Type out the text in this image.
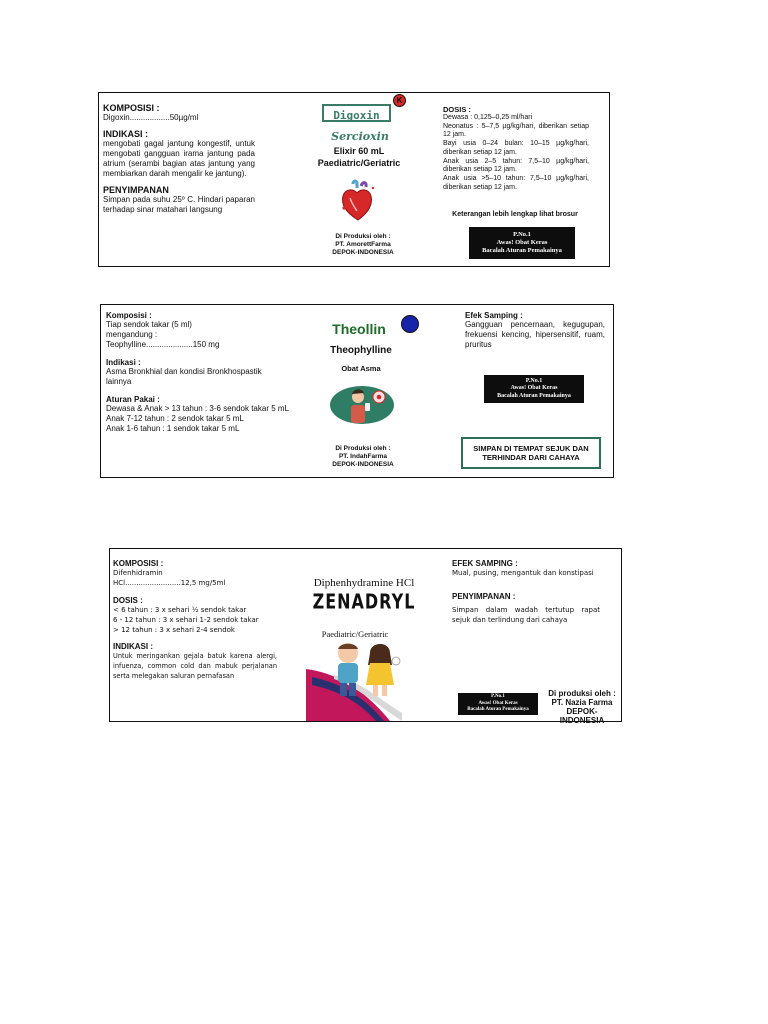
KOMPOSISI :

Digoxin..................50µg/ml

INDIKASI :

mengobati gagal jantung kongestif, untuk mengobati gangguan irama jantung pada atrium (serambi bagian atas jantung yang membiarkan darah mengalir ke jantung).

PENYIMPANAN

Simpan pada suhu 25º C. Hindari paparan terhadap sinar matahari langsung

Digoxin
K
Sercioxin
Elixir 60 mL
Paediatric/Geriatric

Di Produksi oleh :

PT. AmorettFarma

DEPOK-INDONESIA

DOSIS :

Dewasa : 0,125–0,25 ml/hari

Neonatus : 5–7,5 µg/kg/hari, diberikan setiap 12 jam.

Bayi usia 0–24 bulan: 10–15 µg/kg/hari, diberikan setiap 12 jam.

Anak usia 2–5 tahun: 7,5–10 µg/kg/hari, diberikan setiap 12 jam.

Anak usia >5–10 tahun: 7,5–10 µg/kg/hari, diberikan setiap 12 jam.

Keterangan lebih lengkap lihat brosur
P.No.1
Awas! Obat Keras
Bacalah Aturan Pemakainya

Komposisi :

Tiap sendok takar (5 ml)

mengandung :

Teophylline.....................150 mg

Indikasi :

Asma Bronkhial dan kondisi Bronkhospastik lainnya

Aturan Pakai :

Dewasa & Anak > 13 tahun : 3-6 sendok takar 5 mL

Anak 7-12 tahun : 2 sendok takar 5 mL

Anak 1-6 tahun : 1 sendok takar 5 mL

Theollin
Theophylline
Obat Asma

Di Produksi oleh :

PT. IndahFarma

DEPOK-INDONESIA

Efek Samping :

Gangguan pencernaan, kegugupan, frekuensi kencing, hipersensitif, ruam, pruritus

P.No.1
Awas! Obat Keras
Bacalah Aturan Pemakainya
SIMPAN DI TEMPAT SEJUK DAN TERHINDAR DARI CAHAYA

KOMPOSISI :

Difenhidramin

HCl.........................12,5 mg/5ml

DOSIS :

< 6 tahun : 3 x sehari ½ sendok takar

6 - 12 tahun : 3 x sehari 1-2 sendok takar

> 12 tahun : 3 x sehari 2-4 sendok

INDIKASI :

Untuk meringankan gejala batuk karena alergi, infuenza, common cold dan mabuk perjalanan serta melegakan saluran pernafasan

Diphenhydramine HCl
ZENADRYL
Paediatric/Geriatric

EFEK SAMPING :

Mual, pusing, mengantuk dan konstipasi

PENYIMPANAN :

Simpan dalam wadah tertutup rapat sejuk dan terlindung dari cahaya

P.No.1
Awas! Obat Keras
Bacalah Aturan Pemakainya

Di produksi oleh :

PT. Nazia Farma

DEPOK-INDONESIA
